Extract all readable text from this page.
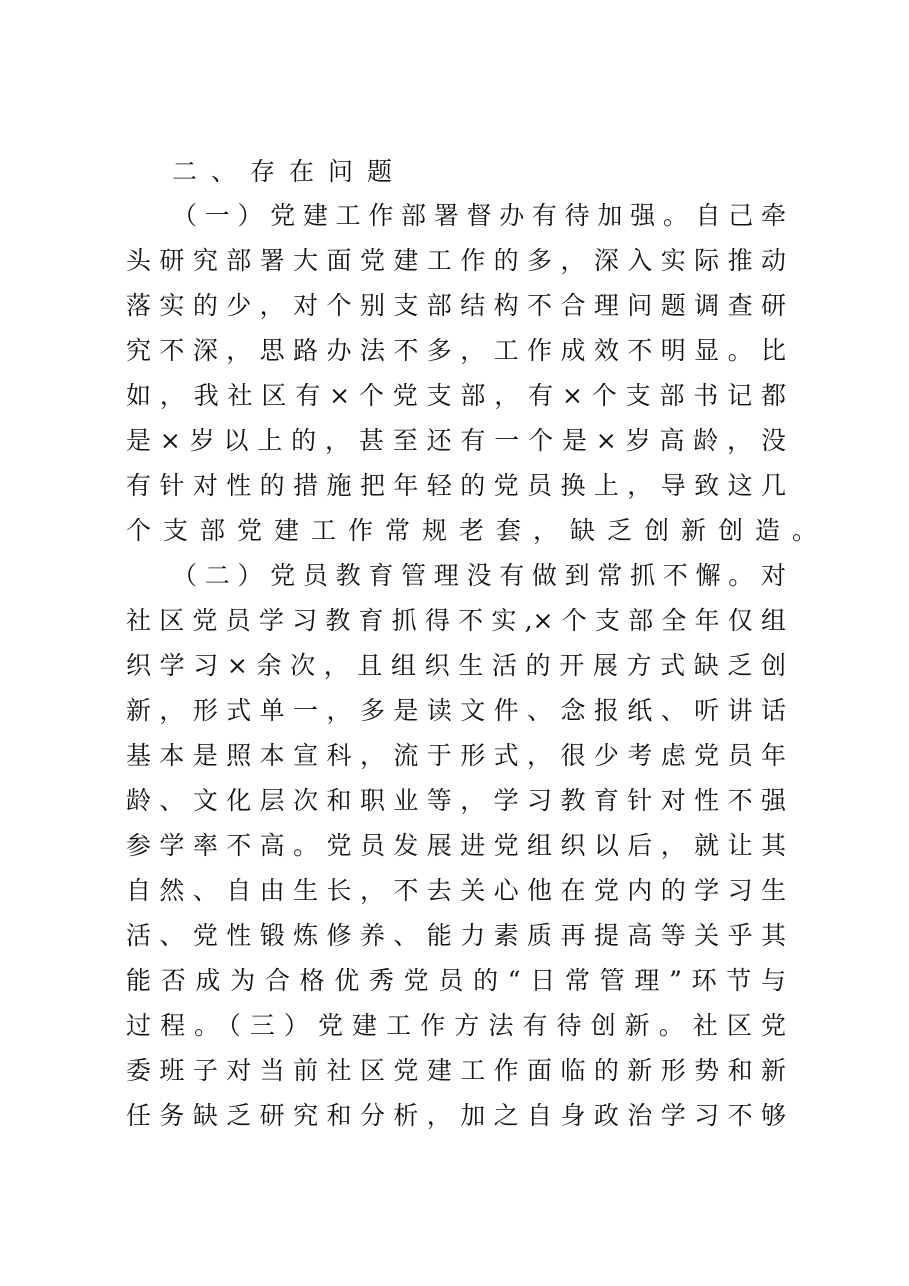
二、存在问题
（一）党建工作部署督办有待加强。自己牵
头研究部署大面党建工作的多，深入实际推动
落实的少，对个别支部结构不合理问题调查研
究不深，思路办法不多，工作成效不明显。比
如，我社区有×个党支部，有×个支部书记都
是×岁以上的，甚至还有一个是×岁高龄，没
有针对性的措施把年轻的党员换上，导致这几
个支部党建工作常规老套，缺乏创新创造。
（二）党员教育管理没有做到常抓不懈。对
社区党员学习教育抓得不实,×个支部全年仅组
织学习×余次，且组织生活的开展方式缺乏创
新，形式单一，多是读文件、念报纸、听讲话
基本是照本宣科，流于形式，很少考虑党员年
龄、文化层次和职业等，学习教育针对性不强
参学率不高。党员发展进党组织以后，就让其
自然、自由生长，不去关心他在党内的学习生
活、党性锻炼修养、能力素质再提高等关乎其
能否成为合格优秀党员的“日常管理”环节与
过程。（三）党建工作方法有待创新。社区党
委班子对当前社区党建工作面临的新形势和新
任务缺乏研究和分析，加之自身政治学习不够
